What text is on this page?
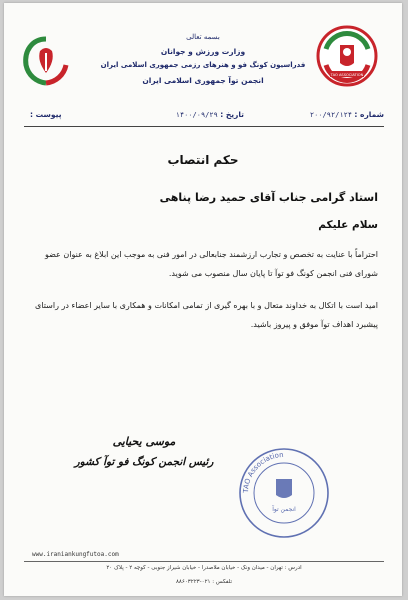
TAO ASSOCIATION
بسمه تعالی
وزارت ورزش و جوانان
فدراسیون کونگ فو و هنرهای رزمی جمهوری اسلامی ایران
انجمن توآ جمهوری اسلامی ایران
شماره : ۲۰۰/۹۲/۱۲۴
تاریخ : ۱۴۰۰/۰۹/۲۹
پیوست :
حکم انتصاب
استاد گرامی جناب آقای حمید رضا پناهی
سلام علیکم
احتراماً با عنایت به تخصص و تجارب ارزشمند جنابعالی در امور فنی به موجب این ابلاغ به عنوان عضو شورای فنی انجمن کونگ فو توآ تا پایان سال منصوب می شوید.
امید است با اتکال به خداوند متعال و با بهره گیری از تمامی امکانات و همکاری با سایر اعضاء در راستای پیشبرد اهداف توآ موفق و پیروز باشید.
موسی یحیایی
رئیس انجمن کونگ فو توآ کشور
TAO Association
انجمن توآ
www.iraniankungfutoa.com
آدرس : تهران - میدان ونک - خیابان ملاصدرا - خیابان شیراز جنوبی - کوچه ۲ - پلاک ۲۰
تلفکس : ۰۲۱-۸۸۶۰۳۲۲۳
